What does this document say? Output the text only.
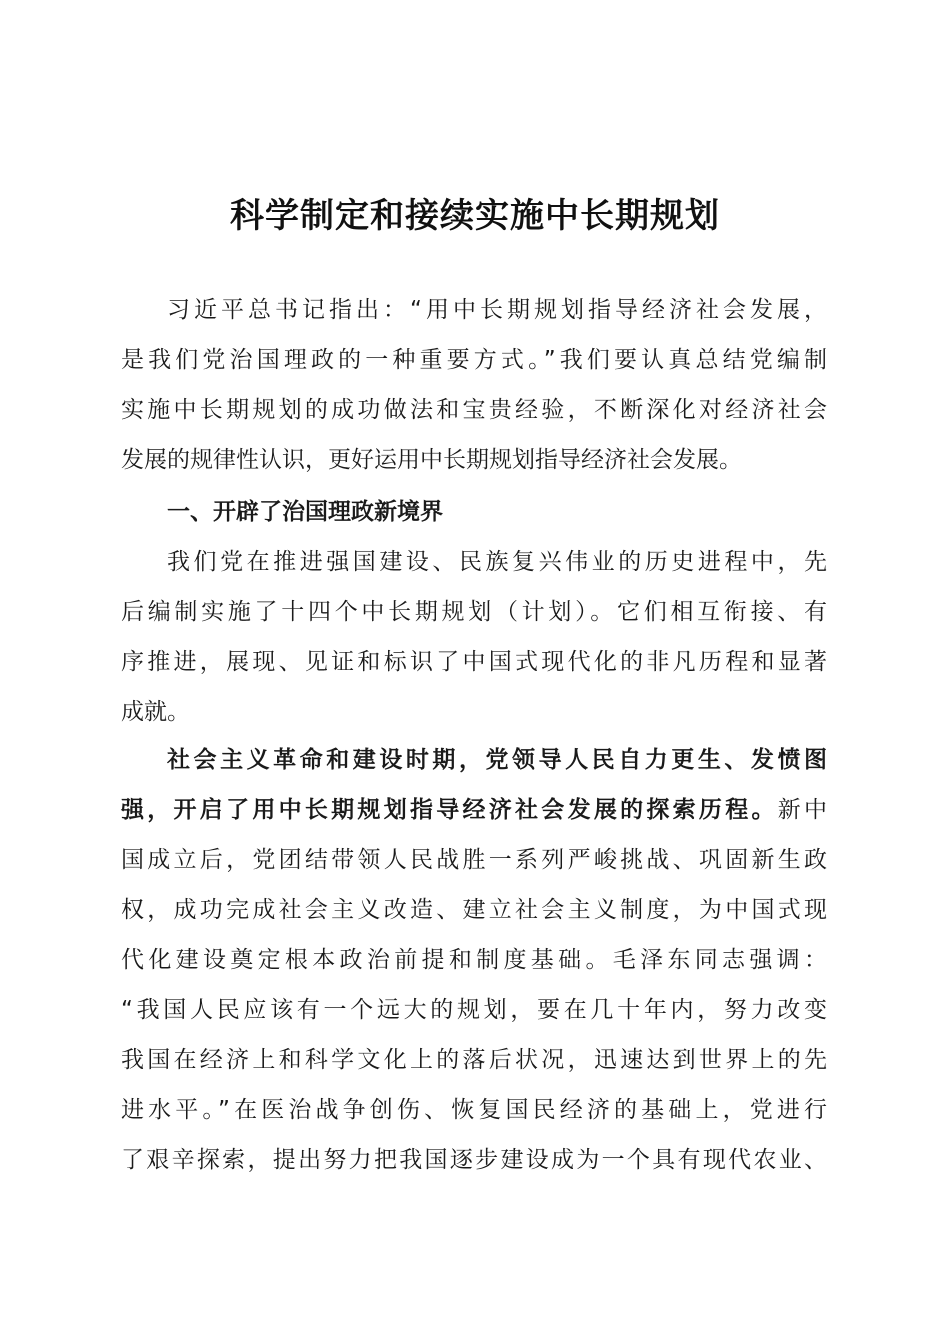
科学制定和接续实施中长期规划
习近平总书记指出：“用中长期规划指导经济社会发展，
是我们党治国理政的一种重要方式。”我们要认真总结党编制
实施中长期规划的成功做法和宝贵经验，不断深化对经济社会
发展的规律性认识，更好运用中长期规划指导经济社会发展。
一、开辟了治国理政新境界
我们党在推进强国建设、民族复兴伟业的历史进程中，先
后编制实施了十四个中长期规划（计划）。它们相互衔接、有
序推进，展现、见证和标识了中国式现代化的非凡历程和显著
成就。
社会主义革命和建设时期，党领导人民自力更生、发愤图
强，开启了用中长期规划指导经济社会发展的探索历程。新中
国成立后，党团结带领人民战胜一系列严峻挑战、巩固新生政
权，成功完成社会主义改造、建立社会主义制度，为中国式现
代化建设奠定根本政治前提和制度基础。毛泽东同志强调：
“我国人民应该有一个远大的规划，要在几十年内，努力改变
我国在经济上和科学文化上的落后状况，迅速达到世界上的先
进水平。”在医治战争创伤、恢复国民经济的基础上，党进行
了艰辛探索，提出努力把我国逐步建设成为一个具有现代农业、
